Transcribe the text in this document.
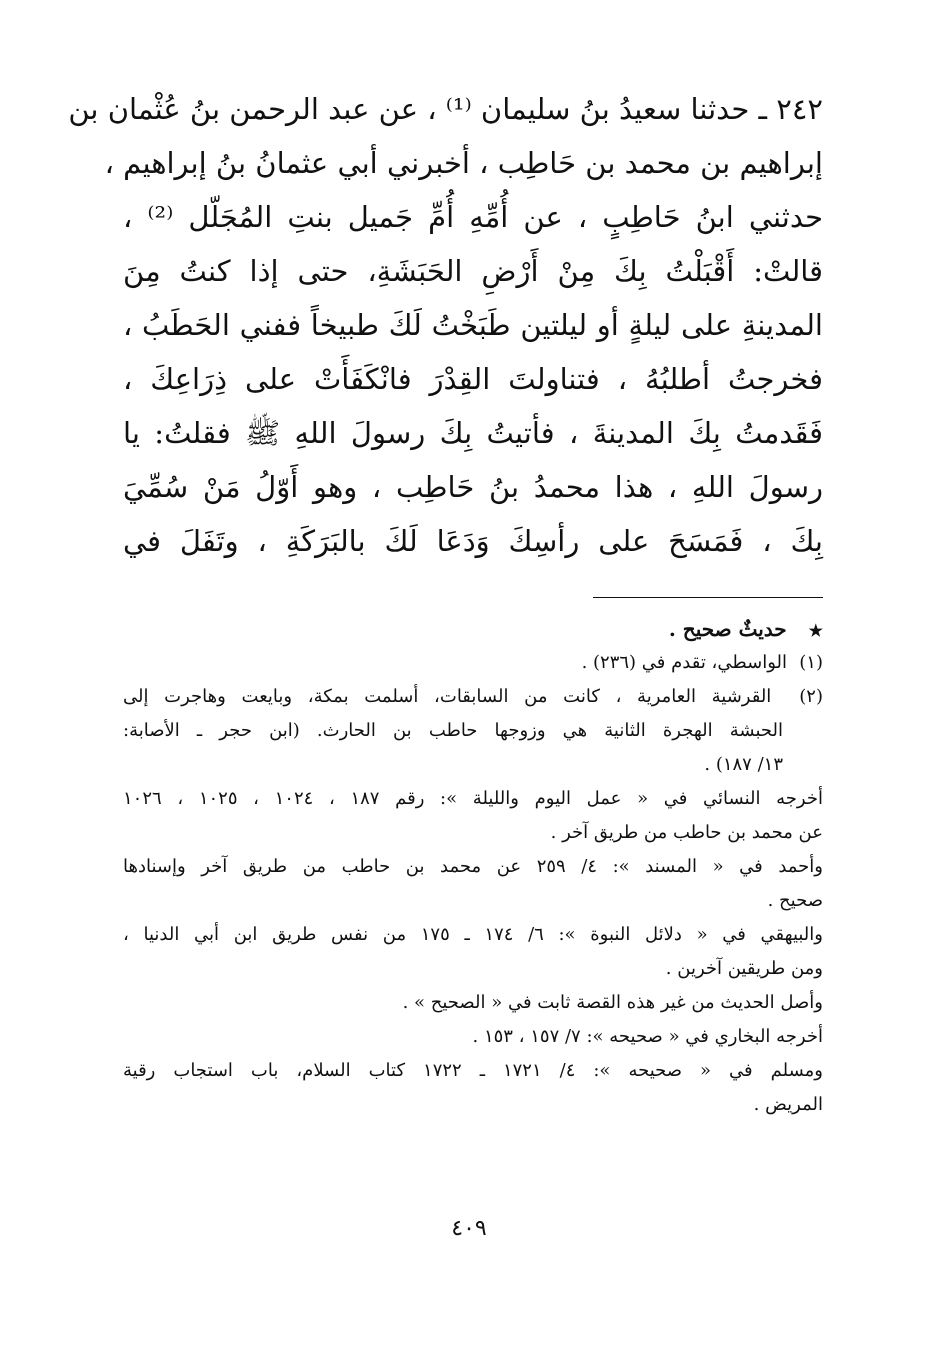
٢٤٢ ـ حدثنا سعيدُ بنُ سليمان ⁽¹⁾ ، عن عبد الرحمن بنُ عُثْمان بن
إبراهيم بن محمد بن حَاطِب ، أخبرني أبي عثمانُ بنُ إبراهيم ،
حدثني ابنُ حَاطِبٍ ، عن أُمِّهِ أُمِّ جَميل بنتِ المُجَلّل ⁽²⁾ ،
قالتْ: أَقْبَلْتُ بِكَ مِنْ أَرْضِ الحَبَشَةِ، حتى إذا كنتُ مِنَ
المدينةِ على ليلةٍ أو ليلتين طَبَخْتُ لَكَ طبيخاً ففني الحَطَبُ ،
فخرجتُ أطلبُهُ ، فتناولتَ القِدْرَ فانْكَفَأَتْ على ذِرَاعِكَ ،
فَقَدمتُ بِكَ المدينةَ ، فأتيتُ بِكَ رسولَ اللهِ ﷺ فقلتُ: يا
رسولَ اللهِ ، هذا محمدُ بنُ حَاطِب ، وهو أَوّلُ مَنْ سُمِّيَ
بِكَ ، فَمَسَحَ على رأسِكَ وَدَعَا لَكَ بالبَرَكَةِ ، وتَفَلَ في
★حديثٌ صحيح .
(١)الواسطي، تقدم في (٢٣٦) .
(٢) القرشية العامرية ، كانت من السابقات، أسلمت بمكة، وبايعت وهاجرت إلى
الحبشة الهجرة الثانية هي وزوجها حاطب بن الحارث. (ابن حجر ـ الأصابة:
١٣/ ١٨٧) .
أخرجه النسائي في « عمل اليوم والليلة »: رقم ١٨٧ ، ١٠٢٤ ، ١٠٢٥ ، ١٠٢٦
عن محمد بن حاطب من طريق آخر .
وأحمد في « المسند »: ٤/ ٢٥٩ عن محمد بن حاطب من طريق آخر وإسنادها
صحيح .
والبيهقي في « دلائل النبوة »: ٦/ ١٧٤ ـ ١٧٥ من نفس طريق ابن أبي الدنيا ،
ومن طريقين آخرين .
وأصل الحديث من غير هذه القصة ثابت في « الصحيح » .
أخرجه البخاري في « صحيحه »: ٧/ ١٥٧ ، ١٥٣ .
ومسلم في « صحيحه »: ٤/ ١٧٢١ ـ ١٧٢٢ كتاب السلام، باب استجاب رقية
المريض .
٤٠٩
